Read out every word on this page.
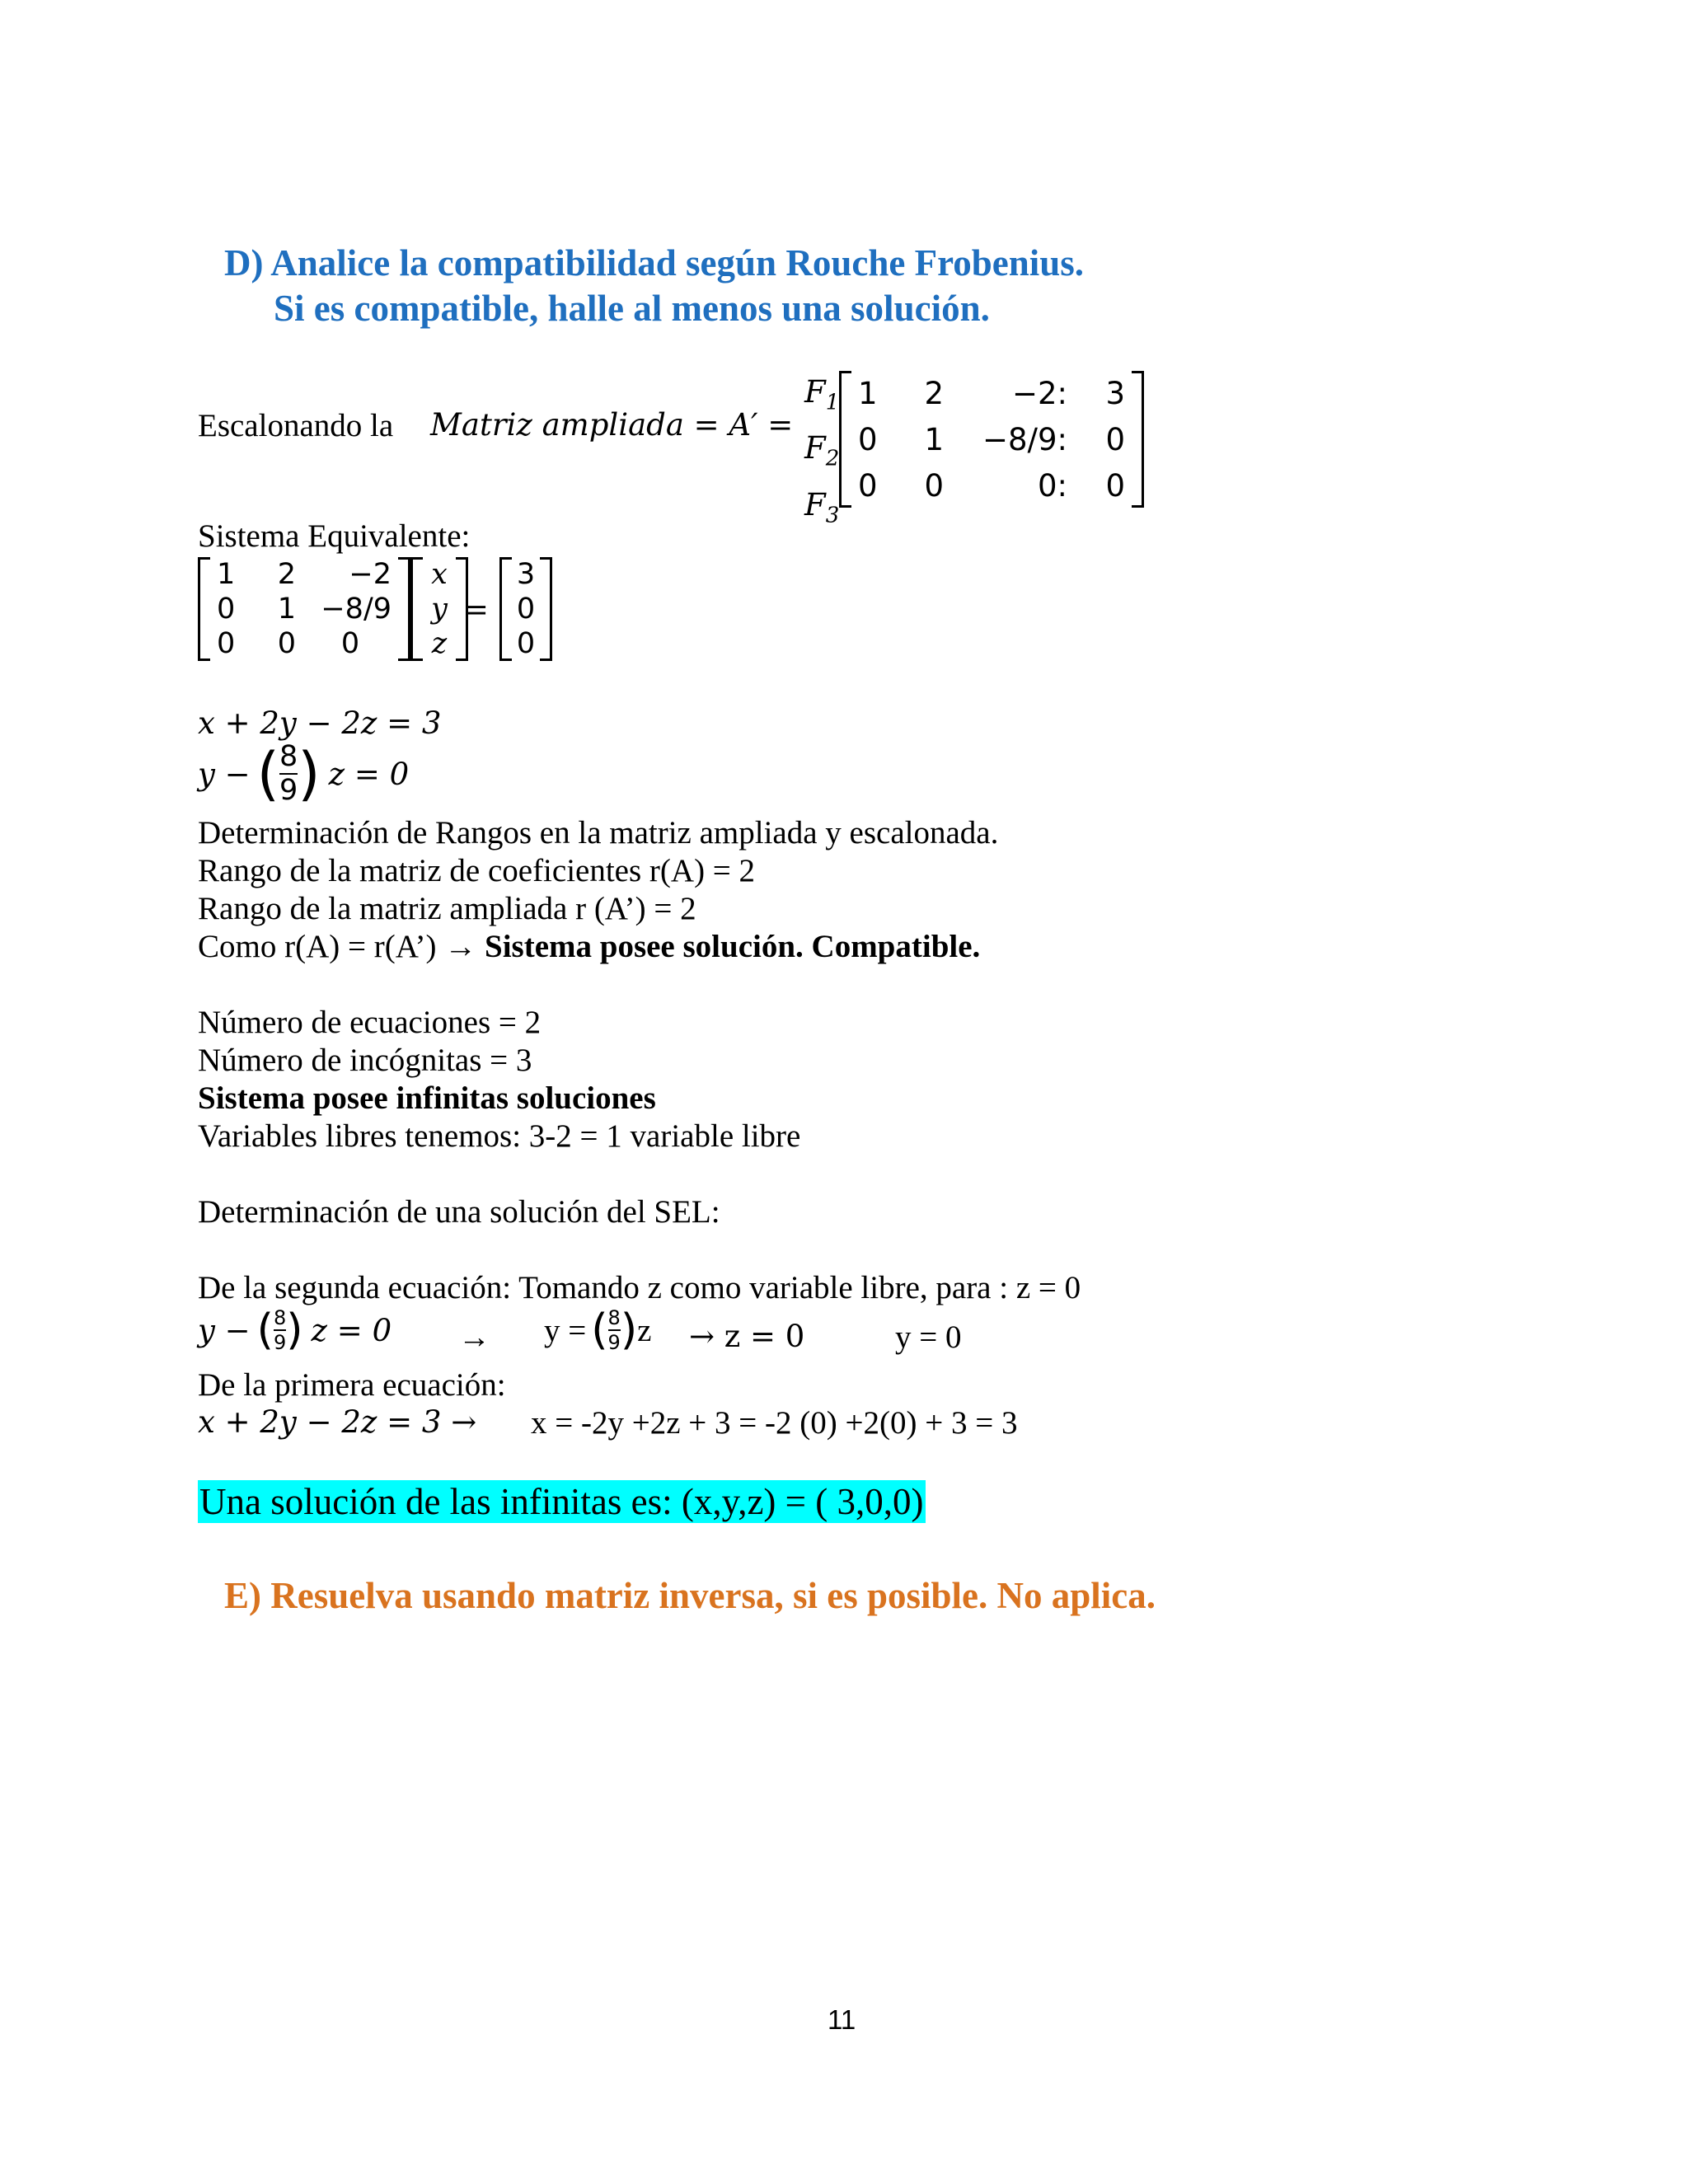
D) Analice la compatibilidad según Rouche Frobenius.
Si es compatible, halle al menos una solución.
Escalonando la Matriz ampliada = A′ =
$F_1$
$F_2$
$F_3$
1	2	−2:	3
0	1	−8/9:	0
0	0	0:	0
Sistema Equivalente:
1	2	−2
0	1 −8/9
0	0	0
x
y
z
=
3
0
0
x + 2y − 2z = 3
y − ( $\frac{8}{9}$ ) z = 0
Determinación de Rangos en la matriz ampliada y escalonada.
Rango de la matriz de coeficientes r(A) = 2
Rango de la matriz ampliada r (A’) = 2
Como r(A) = r(A’) → Sistema posee solución. Compatible.
Número de ecuaciones = 2
Número de incógnitas = 3
Sistema posee infinitas soluciones
Variables libres tenemos: 3-2 = 1 variable libre
Determinación de una solución del SEL:
De la segunda ecuación: Tomando z como variable libre, para : z = 0
y − ( $\frac{8}{9}$ ) z = 0 → y = ( $\frac{8}{9}$ ) z → z = 0	y = 0
De la primera ecuación:
x + 2y − 2z = 3 → x = -2y +2z + 3 = -2 (0) +2(0) + 3 = 3
Una solución de las infinitas es: (x,y,z) = ( 3,0,0)
E) Resuelva usando matriz inversa, si es posible. No aplica.
11
